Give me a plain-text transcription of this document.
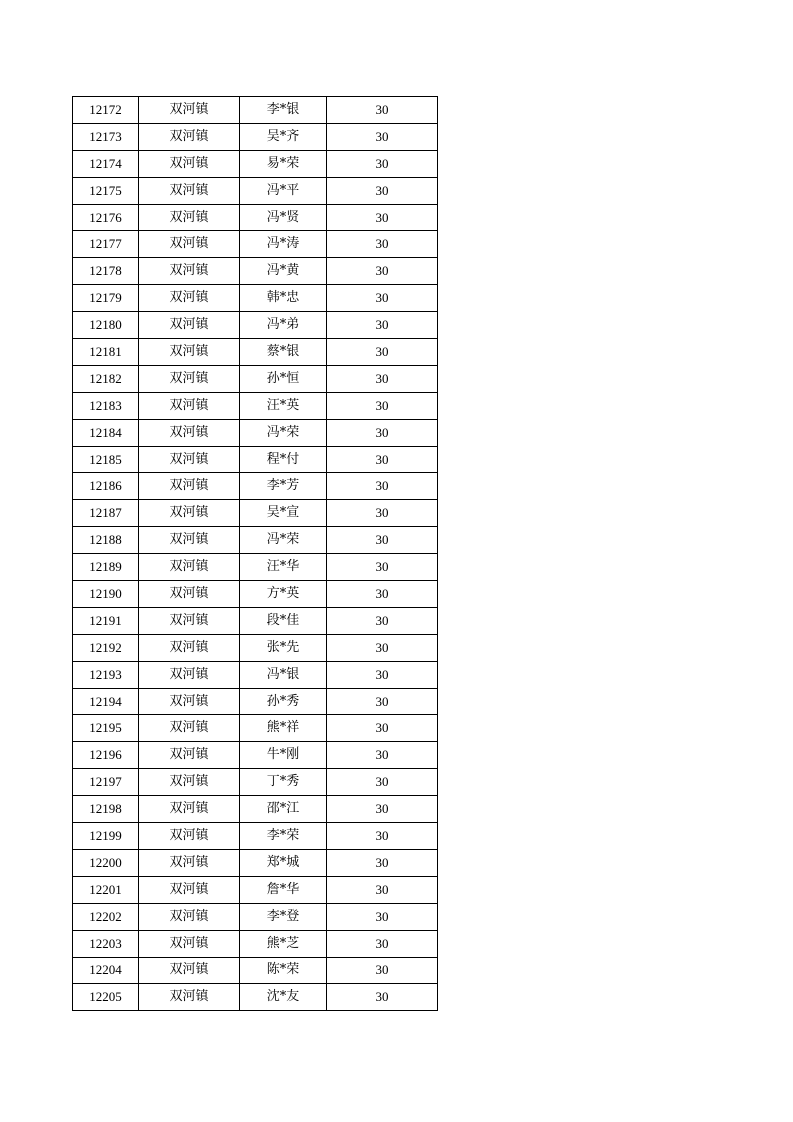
12172	双河镇	李*银	30
12173	双河镇	吴*齐	30
12174	双河镇	易*荣	30
12175	双河镇	冯*平	30
12176	双河镇	冯*贤	30
12177	双河镇	冯*涛	30
12178	双河镇	冯*黄	30
12179	双河镇	韩*忠	30
12180	双河镇	冯*弟	30
12181	双河镇	蔡*银	30
12182	双河镇	孙*恒	30
12183	双河镇	汪*英	30
12184	双河镇	冯*荣	30
12185	双河镇	程*付	30
12186	双河镇	李*芳	30
12187	双河镇	吴*宣	30
12188	双河镇	冯*荣	30
12189	双河镇	汪*华	30
12190	双河镇	方*英	30
12191	双河镇	段*佳	30
12192	双河镇	张*先	30
12193	双河镇	冯*银	30
12194	双河镇	孙*秀	30
12195	双河镇	熊*祥	30
12196	双河镇	牛*刚	30
12197	双河镇	丁*秀	30
12198	双河镇	邵*江	30
12199	双河镇	李*荣	30
12200	双河镇	郑*城	30
12201	双河镇	詹*华	30
12202	双河镇	李*登	30
12203	双河镇	熊*芝	30
12204	双河镇	陈*荣	30
12205	双河镇	沈*友	30
